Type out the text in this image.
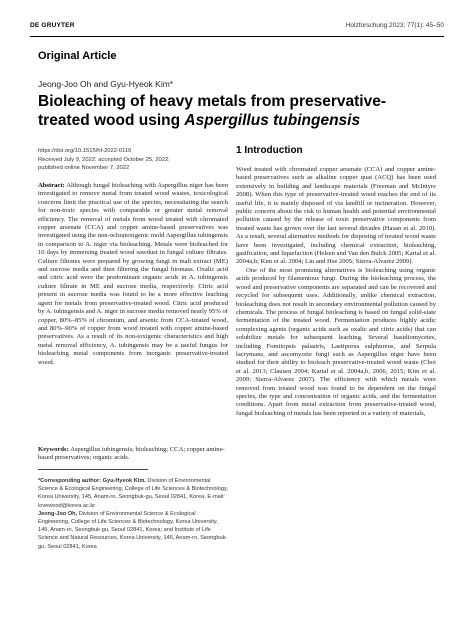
DE GRUYTER	Holzforschung 2023; 77(1): 45–50
Original Article
Jeong-Joo Oh and Gyu-Hyeok Kim*
Bioleaching of heavy metals from preservative-
treated wood using Aspergillus tubingensis
https://doi.org/10.1515/hf-2022-0116
Received July 9, 2022; accepted October 25, 2022;
published online November 7, 2022
Abstract: Although fungal bioleaching with Aspergillus niger has been investigated to remove metal from treated wood wastes, toxicological concerns limit the practical use of the species, necessitating the search for non-toxic species with comparable or greater metal removal efficiency. The removal of metals from wood treated with chromated copper arsenate (CCA) and copper amine-based preservatives was investigated using the non-ochratoxigenic mold Aspergillus tubingensis in comparison to A. niger via bioleaching. Metals were bioleached for 10 days by immersing treated wood sawdust in fungal culture filtrates. Culture filtrates were prepared by growing fungi in malt extract (ME) and sucrose media and then filtering the fungal biomass. Oxalic acid and citric acid were the predominant organic acids in A. tubingensis culture filtrate in ME and sucrose media, respectively. Citric acid present in sucrose media was found to be a more effective leaching agent for metals from preservative-treated wood. Citric acid produced by A. tubingensis and A. niger in sucrose media removed nearly 95% of copper, 80%–85% of chromium, and arsenic from CCA-treated wood, and 80%–90% of copper from wood treated with copper amine-based preservatives. As a result of its non-toxigenic characteristics and high metal removal efficiency, A. tubingensis may be a useful fungus for bioleaching metal components from inorganic preservative-treated wood.
Keywords: Aspergillus tubingensis; bioleaching; CCA; copper amine-based preservatives; organic acids.

*Corresponding author: Gyu-Hyeok Kim, Division of Environmental Science & Ecological Engineering, College of Life Sciences & Biotechnology, Korea University, 145, Anam-ro, Seongbuk-gu, Seoul 02841, Korea, E-mail: lovewood@korea.ac.kr

Jeong-Joo Oh, Division of Environmental Science & Ecological Engineering, College of Life Sciences & Biotechnology, Korea University, 145, Anam-ro, Seongbuk-gu, Seoul 02841, Korea; and Institute of Life Science and Natural Resources, Korea University, 145, Anam-ro, Seongbuk-gu, Seoul 02841, Korea

1 Introduction

Wood treated with chromated copper arsenate (CCA) and copper amine-based preservatives such as alkaline copper quat (ACQ) has been used extensively in building and landscape materials (Freeman and McIntyre 2008). When this type of preservative-treated wood reaches the end of its useful life, it is mainly disposed of via landfill or incineration. However, public concern about the risk to human health and potential environmental pollution caused by the release of toxic preservative components from treated waste has grown over the last several decades (Hasan et al. 2010). As a result, several alternative methods for disposing of treated wood waste have been investigated, including chemical extraction, bioleaching, gasification, and liquefaction (Helsen and Van den Bulck 2005; Kartal et al. 2004a,b; Kim et al. 2004; Lin and Hse 2005; Sierra-Alvarez 2009).

One of the most promising alternatives is bioleaching using organic acids produced by filamentous fungi. During the bioleaching process, the wood and preservative components are separated and can be recovered and recycled for subsequent uses. Additionally, unlike chemical extraction, bioleaching does not result in secondary environmental pollution caused by chemicals. The process of fungal bioleaching is based on fungal solid-state fermentation of the treated wood. Fermentation produces highly acidic complexing agents (organic acids such as oxalic and citric acids) that can solubilize metals for subsequent leaching. Several basidiomycetes, including Fomitopsis palustris, Laetiporus sulphureus, and Serpula lacrymans, and ascomycete fungi such as Aspergillus niger have been studied for their ability to bioleach preservative-treated wood waste (Choi et al. 2013; Clausen 2004; Kartal et al. 2004a,b, 2006, 2015; Kim et al. 2009; Sierra-Alvarez 2007). The efficiency with which metals were removed from treated wood was found to be dependent on the fungal species, the type and concentration of organic acids, and the fermentation conditions. Apart from metal extraction from preservative-treated wood, fungal bioleaching of metals has been reported in a variety of materials,
